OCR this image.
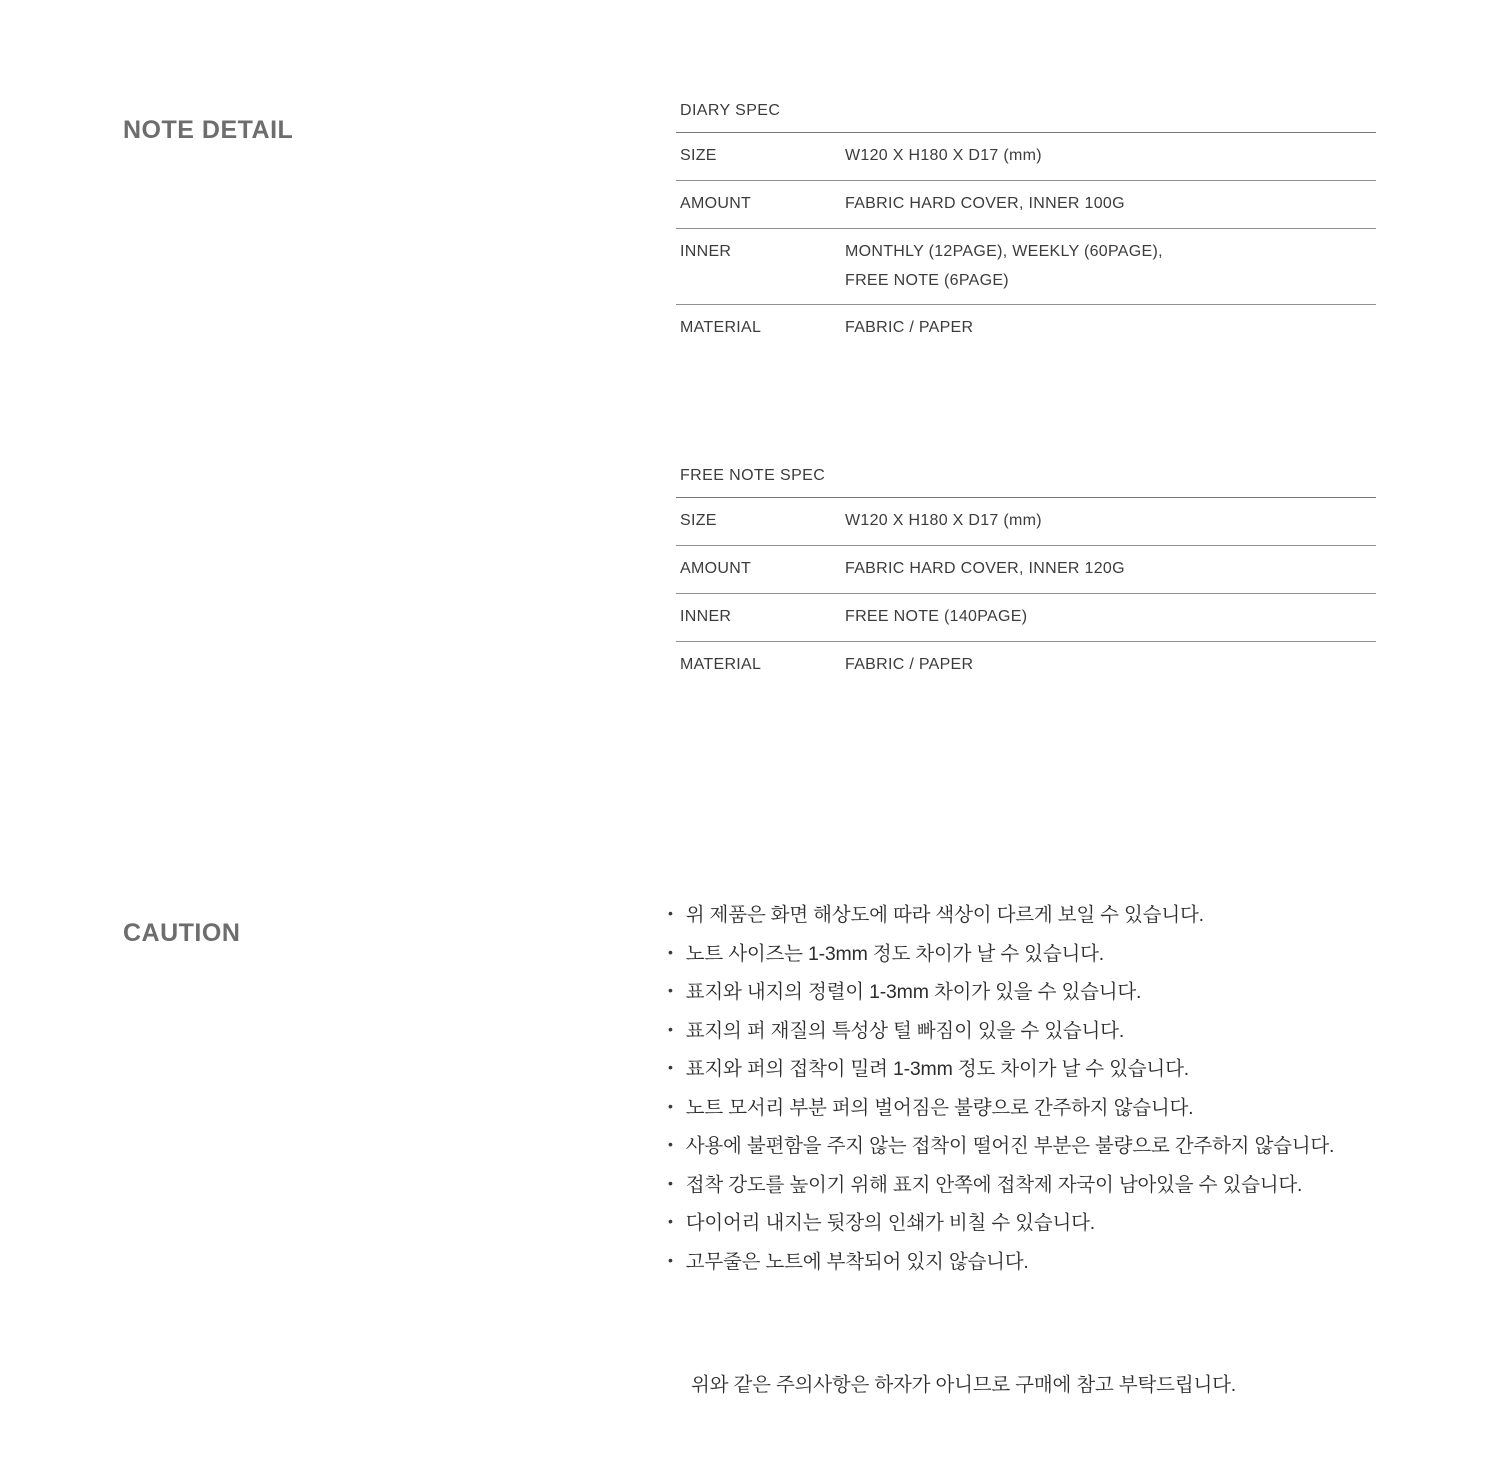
NOTE DETAIL
CAUTION
DIARY SPEC
SIZE	W120 X H180 X D17 (mm)
AMOUNT	FABRIC HARD COVER, INNER 100G
INNER	MONTHLY (12PAGE), WEEKLY (60PAGE),
FREE NOTE (6PAGE)
MATERIAL	FABRIC / PAPER
FREE NOTE SPEC
SIZE	W120 X H180 X D17 (mm)
AMOUNT	FABRIC HARD COVER, INNER 120G
INNER	FREE NOTE (140PAGE)
MATERIAL	FABRIC / PAPER
• 위 제품은 화면 해상도에 따라 색상이 다르게 보일 수 있습니다.
• 노트 사이즈는 1-3mm 정도 차이가 날 수 있습니다.
• 표지와 내지의 정렬이 1-3mm 차이가 있을 수 있습니다.
• 표지의 퍼 재질의 특성상 털 빠짐이 있을 수 있습니다.
• 표지와 퍼의 접착이 밀려 1-3mm 정도 차이가 날 수 있습니다.
• 노트 모서리 부분 퍼의 벌어짐은 불량으로 간주하지 않습니다.
• 사용에 불편함을 주지 않는 접착이 떨어진 부분은 불량으로 간주하지 않습니다.
• 접착 강도를 높이기 위해 표지 안쪽에 접착제 자국이 남아있을 수 있습니다.
• 다이어리 내지는 뒷장의 인쇄가 비칠 수 있습니다.
• 고무줄은 노트에 부착되어 있지 않습니다.

위와 같은 주의사항은 하자가 아니므로 구매에 참고 부탁드립니다.
